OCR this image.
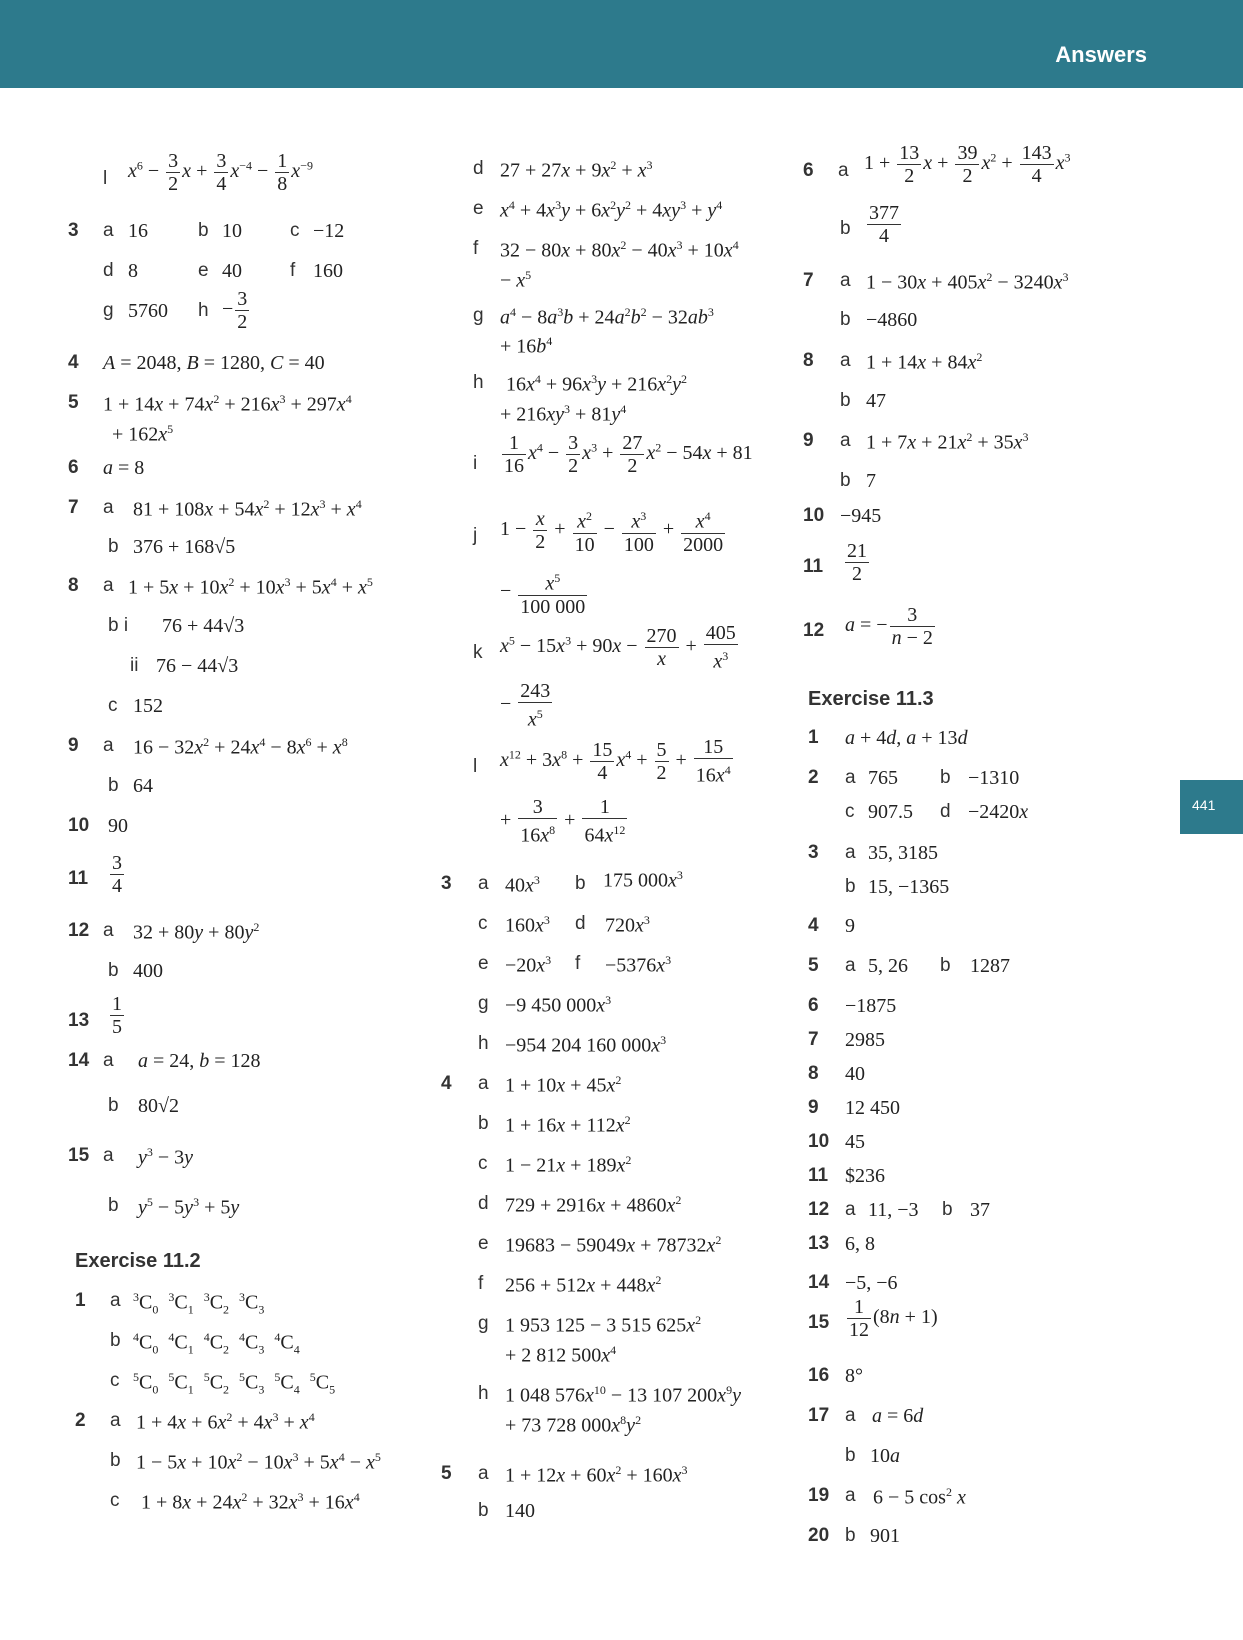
Answers
441
l $x^6 - \frac{3}{2}$ $x + \frac{3}{4} x^{-4} - \frac{1}{8} x^{-9}$
3 a 16	b 10	c −12
d 8	e 40	f 160
g 5760 $h - \frac{3}{2}$
4 A = 2048, B = 1280, C = 40
5 $1 + 14x + 74x^2 + 216x^3 + 297x^4$
+ $162x^5$
6 a = 8
7 a $81 + 108x + 54x^2 + 12x^3 + x^4$
b 376 + 168√5
8 a $1 + 5x + 10x^2 + 10x^3 + 5x^4 + x^5$
b i 76 + 44√3
ii 76 − 44√3
c 152
9 a $16 - 32x^2 + 24x^4 - 8x^6 + x^8$
b 64
10 90
$11 \frac{3}{4}$
12 a $32 + 80y + 80y^2$
b 400
$13 \frac{1}{5}$
14 a a = 24, b = 128
b 80√2
15 a $y^3 - 3y$
b $y^5 - 5y^3 + 5y$
Exercise 11.2
1 a $^3C_0$  $^3C_1$  $^3C_2$  $^3C_3$
b $^4C_0$  $^4C_1$  $^4C_2$  $^4C_3$  $^4C_4$
c $^5C_0$  $^5C_1$  $^5C_2$  $^5C_3$  $^5C_4$  $^5C_5$
2 a $1 + 4x + 6x^2 + 4x^3 + x^4$
b $1 - 5x + 10x^2 - 10x^3 + 5x^4 - x^5$
c $1 + 8x + 24x^2 + 32x^3 + 16x^4$
d $27 + 27x + 9x^2 + x^3$
e $x^4 + 4x^3y + 6x^2y^2 + 4xy^3 + y^4$
f $32 - 80x + 80x^2 - 40x^3 + 10x^4$
− $x^5$
g $a^4 - 8a^3b + 24a^2b^2 - 32ab^3$
+ $16b^4$
h $16x^4 + 96x^3y + 216x^2y^2$
+ $216xy^3 + 81y^4$
i $\frac{1}{16} x^4 - \frac{3}{2} x^3 + \frac{27}{2} x^2 - 54x + 81$
j $1 - \frac{x}{2} + \frac{x^2}{10} - \frac{x^3}{100} + \frac{x^4}{2000}$
− $\frac{x^5}{100 000}$
k $x^5 - 15x^3 + 90x - \frac{270}{x} + \frac{405}{x^3}$
− $\frac{243}{x^5}$
l $x^{12} + 3x^8 + \frac{15}{4} x^4 + \frac{5}{2} + \frac{15}{16x^4}$
+ $\frac{3}{16x^8} + \frac{1}{64x^{12}}$
3 a $40x^3$ b 175 $000x^3$
c $160x^3$ d $720x^3$
$e -20x^3$ $f -5376x^3$
g −9 450 $000x^3$
h −954 204 160 $000x^3$
4 a $1 + 10x + 45x^2$
b $1 + 16x + 112x^2$
c $1 - 21x + 189x^2$
d $729 + 2916x + 4860x^2$
e $19683 - 59049x + 78732x^2$
f $256 + 512x + 448x^2$
g 1 953 125 − 3 515 $625x^2$
+ 2 812 $500x^4$
h 1 048 $576x^{10} - 13$ 107 $200x^9y$
+ 73 728 $000x^8y^2$
5 a $1 + 12x + 60x^2 + 160x^3$
b 140
6 a $1 + \frac{13}{2}$ $x + \frac{39}{2} x^2 + \frac{143}{4} x^3$
b $\frac{377}{4}$
7 a $1 - 30x + 405x^2 - 3240x^3$
b −4860
8 a $1 + 14x + 84x^2$
b 47
9 a $1 + 7x + 21x^2 + 35x^3$
b 7
10 −945
$11 \frac{21}{2}$
12 a = − $\frac{3}{n - 2}$
Exercise 11.3
1 a + 4d, a + 13d
2 a 765 b −1310
c 907.5 d −2420x
3 a 35, 3185
b 15, −1365
4 9
5 a 5, 26 b 1287
6 −1875
7 2985
8 40
9 12 450
10 45
11 $236
12 a 11, −3 b 37
13 6, 8
14 −5, −6
$15 \frac{1}{12} (8n + 1)$
16 8°
17 a a = 6d
b 10a
19 a 6 − 5 $\cos^2 x$
20 b 901
